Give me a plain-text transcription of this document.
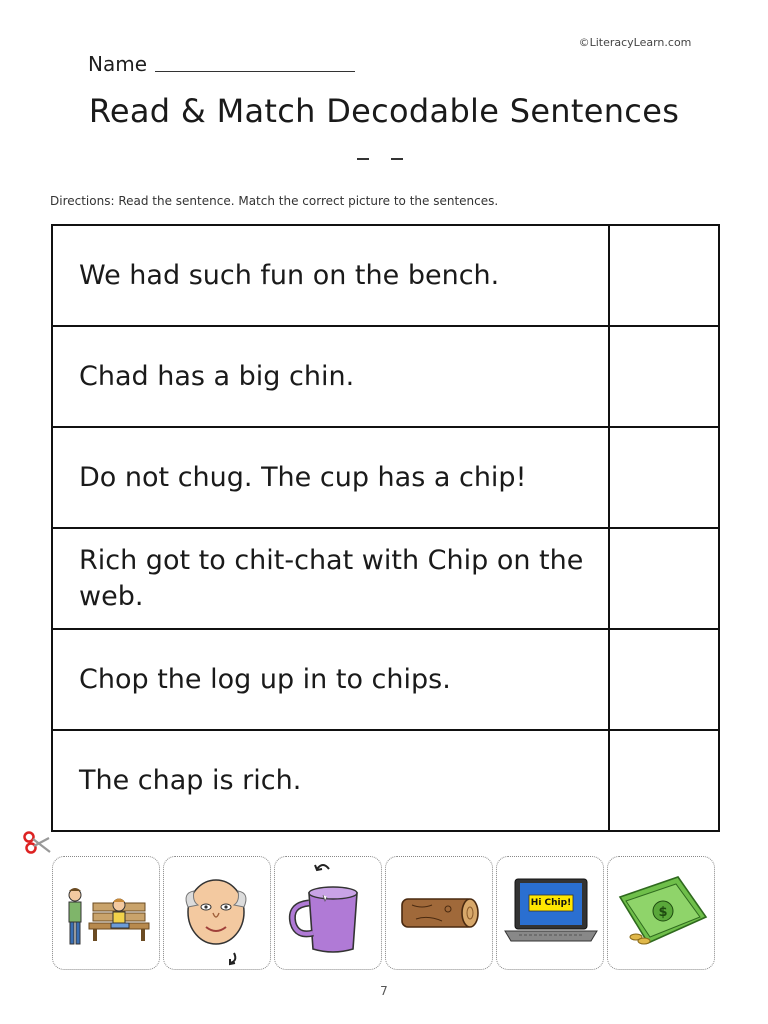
©LiteracyLearn.com
Name
Read & Match Decodable Sentences
Directions: Read the sentence. Match the correct picture to the sentences.
We had such fun on the bench.
Chad has a big chin.
Do not chug. The cup has a chip!
Rich got to chit-chat with Chip on the web.
Chop the log up in to chips.
The chap is rich.
Hi Chip!
$
7
